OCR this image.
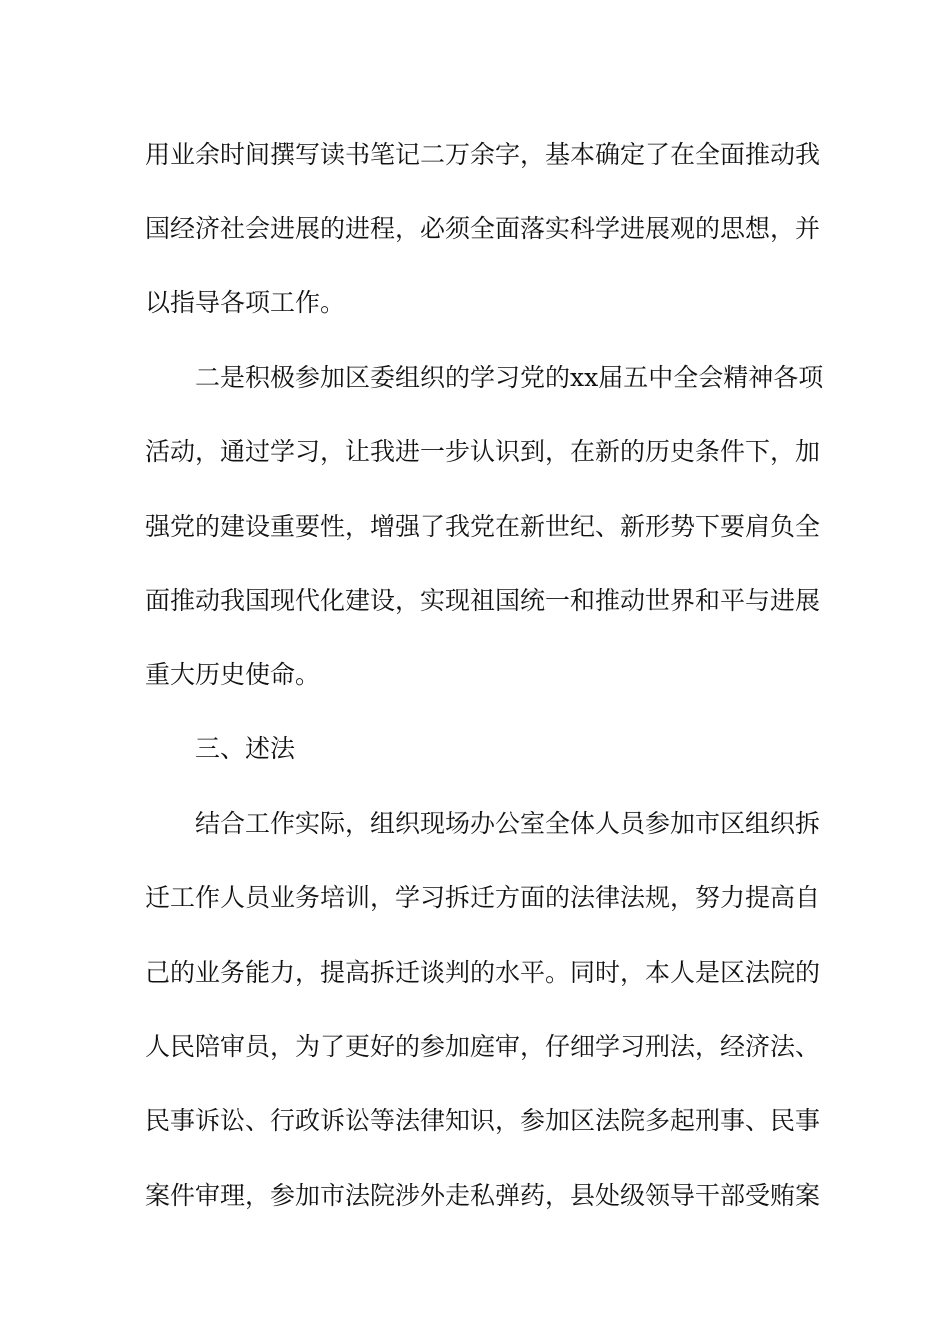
用业余时间撰写读书笔记二万余字，基本确定了在全面推动我
国经济社会进展的进程，必须全面落实科学进展观的思想，并
以指导各项工作。
　　二是积极参加区委组织的学习党的xx届五中全会精神各项
活动，通过学习，让我进一步认识到，在新的历史条件下，加
强党的建设重要性，增强了我党在新世纪、新形势下要肩负全
面推动我国现代化建设，实现祖国统一和推动世界和平与进展
重大历史使命。
　　三、述法
　　结合工作实际，组织现场办公室全体人员参加市区组织拆
迁工作人员业务培训，学习拆迁方面的法律法规，努力提高自
己的业务能力，提高拆迁谈判的水平。同时，本人是区法院的
人民陪审员，为了更好的参加庭审，仔细学习刑法，经济法、
民事诉讼、行政诉讼等法律知识，参加区法院多起刑事、民事
案件审理，参加市法院涉外走私弹药，县处级领导干部受贿案
